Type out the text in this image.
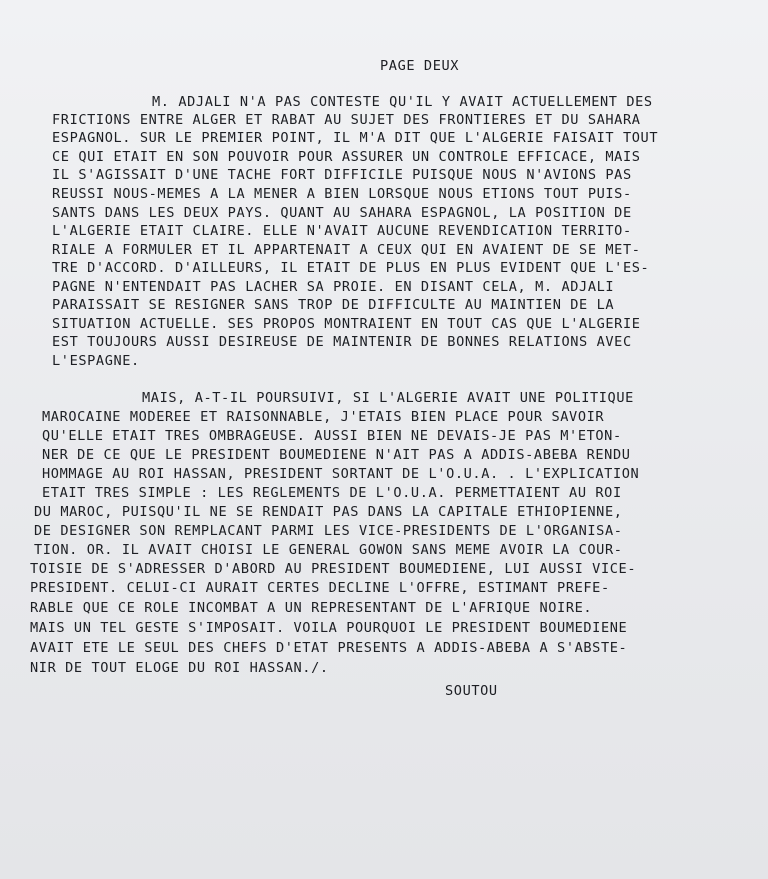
PAGE DEUX
M. ADJALI N'A PAS CONTESTE QU'IL Y AVAIT ACTUELLEMENT DES
FRICTIONS ENTRE ALGER ET RABAT AU SUJET DES FRONTIERES ET DU SAHARA
ESPAGNOL. SUR LE PREMIER POINT, IL M'A DIT QUE L'ALGERIE FAISAIT TOUT
CE QUI ETAIT EN SON POUVOIR POUR ASSURER UN CONTROLE EFFICACE, MAIS
IL S'AGISSAIT D'UNE TACHE FORT DIFFICILE PUISQUE NOUS N'AVIONS PAS
REUSSI NOUS-MEMES A LA MENER A BIEN LORSQUE NOUS ETIONS TOUT PUIS-
SANTS DANS LES DEUX PAYS. QUANT AU SAHARA ESPAGNOL, LA POSITION DE
L'ALGERIE ETAIT CLAIRE. ELLE N'AVAIT AUCUNE REVENDICATION TERRITO-
RIALE A FORMULER ET IL APPARTENAIT A CEUX QUI EN AVAIENT DE SE MET-
TRE D'ACCORD. D'AILLEURS, IL ETAIT DE PLUS EN PLUS EVIDENT QUE L'ES-
PAGNE N'ENTENDAIT PAS LACHER SA PROIE. EN DISANT CELA, M. ADJALI
PARAISSAIT SE RESIGNER SANS TROP DE DIFFICULTE AU MAINTIEN DE LA
SITUATION ACTUELLE. SES PROPOS MONTRAIENT EN TOUT CAS QUE L'ALGERIE
EST TOUJOURS AUSSI DESIREUSE DE MAINTENIR DE BONNES RELATIONS AVEC
L'ESPAGNE.
MAIS, A-T-IL POURSUIVI, SI L'ALGERIE AVAIT UNE POLITIQUE
MAROCAINE MODEREE ET RAISONNABLE, J'ETAIS BIEN PLACE POUR SAVOIR
QU'ELLE ETAIT TRES OMBRAGEUSE. AUSSI BIEN NE DEVAIS-JE PAS M'ETON-
NER DE CE QUE LE PRESIDENT BOUMEDIENE N'AIT PAS A ADDIS-ABEBA RENDU
HOMMAGE AU ROI HASSAN, PRESIDENT SORTANT DE L'O.U.A. . L'EXPLICATION
ETAIT TRES SIMPLE : LES REGLEMENTS DE L'O.U.A. PERMETTAIENT AU ROI
DU MAROC, PUISQU'IL NE SE RENDAIT PAS DANS LA CAPITALE ETHIOPIENNE,
DE DESIGNER SON REMPLACANT PARMI LES VICE-PRESIDENTS DE L'ORGANISA-
TION. OR. IL AVAIT CHOISI LE GENERAL GOWON SANS MEME AVOIR LA COUR-
TOISIE DE S'ADRESSER D'ABORD AU PRESIDENT BOUMEDIENE, LUI AUSSI VICE-
PRESIDENT. CELUI-CI AURAIT CERTES DECLINE L'OFFRE, ESTIMANT PREFE-
RABLE QUE CE ROLE INCOMBAT A UN REPRESENTANT DE L'AFRIQUE NOIRE.
MAIS UN TEL GESTE S'IMPOSAIT. VOILA POURQUOI LE PRESIDENT BOUMEDIENE
AVAIT ETE LE SEUL DES CHEFS D'ETAT PRESENTS A ADDIS-ABEBA A S'ABSTE-
NIR DE TOUT ELOGE DU ROI HASSAN./.
SOUTOU
